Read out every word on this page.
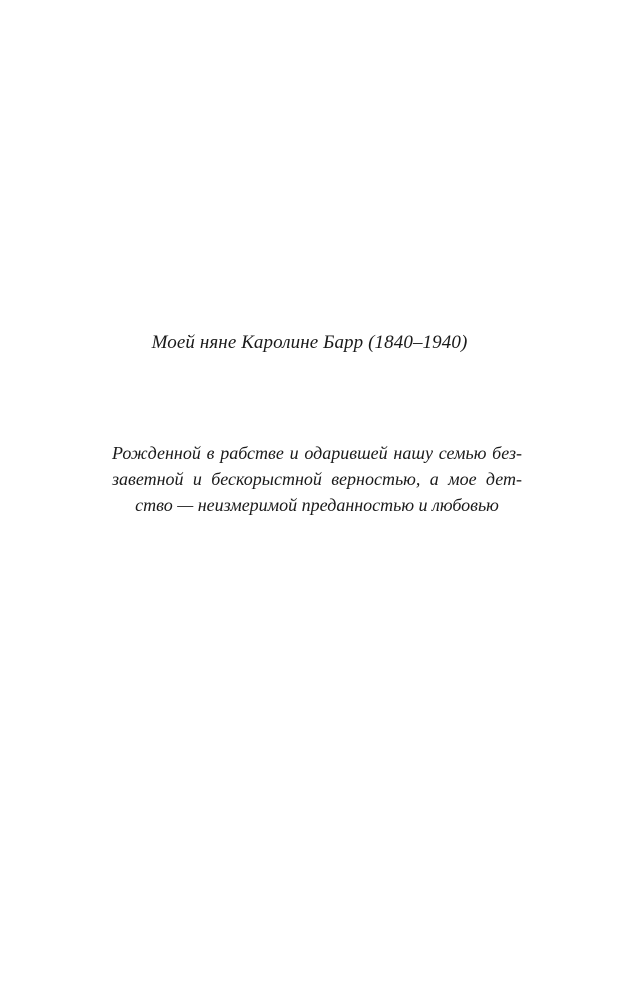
Моей няне Каролине Барр (1840–1940)
Рожденной в рабстве и одарившей нашу семью без-
заветной и бескорыстной верностью, а мое дет-
ство — неизмеримой преданностью и любовью
